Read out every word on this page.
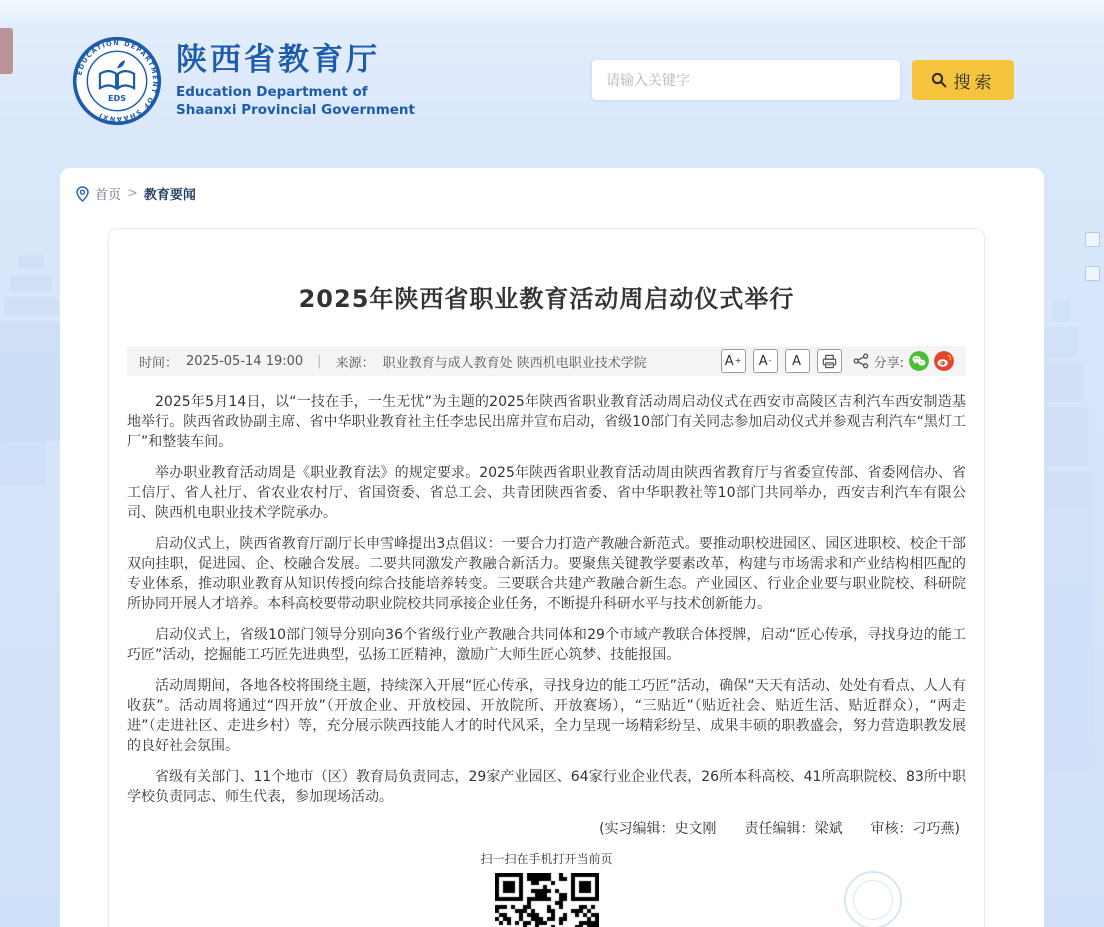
EDUCATION DEPARTMENT OF SHAANXI
EDS
陕西省教育厅
Education Department of
Shaanxi Provincial Government
请输入关键字
搜索
首页 > 教育要闻
2025年陕西省职业教育活动周启动仪式举行
时间： 2025-05-14 19:00 | 来源： 职业教育与成人教育处 陕西机电职业技术学院	A + A - A	分享:

2025年5月14日，以“一技在手，一生无忧”为主题的2025年陕西省职业教育活动周启动仪式在西安市高陵区吉利汽车西安制造基地举行。陕西省政协副主席、省中华职业教育社主任李忠民出席并宣布启动，省级10部门有关同志参加启动仪式并参观吉利汽车“黑灯工厂”和整装车间。

举办职业教育活动周是《职业教育法》的规定要求。2025年陕西省职业教育活动周由陕西省教育厅与省委宣传部、省委网信办、省工信厅、省人社厅、省农业农村厅、省国资委、省总工会、共青团陕西省委、省中华职教社等10部门共同举办，西安吉利汽车有限公司、陕西机电职业技术学院承办。

启动仪式上，陕西省教育厅副厅长申雪峰提出3点倡议：一要合力打造产教融合新范式。要推动职校进园区、园区进职校、校企干部双向挂职，促进园、企、校融合发展。二要共同激发产教融合新活力。要聚焦关键教学要素改革，构建与市场需求和产业结构相匹配的专业体系，推动职业教育从知识传授向综合技能培养转变。三要联合共建产教融合新生态。产业园区、行业企业要与职业院校、科研院所协同开展人才培养。本科高校要带动职业院校共同承接企业任务，不断提升科研水平与技术创新能力。

启动仪式上，省级10部门领导分别向36个省级行业产教融合共同体和29个市域产教联合体授牌，启动“匠心传承，寻找身边的能工巧匠”活动，挖掘能工巧匠先进典型，弘扬工匠精神，激励广大师生匠心筑梦、技能报国。

活动周期间，各地各校将围绕主题，持续深入开展“匠心传承，寻找身边的能工巧匠”活动，确保“天天有活动、处处有看点、人人有收获”。活动周将通过“四开放”（开放企业、开放校园、开放院所、开放赛场），“三贴近”（贴近社会、贴近生活、贴近群众），“两走进”（走进社区、走进乡村）等，充分展示陕西技能人才的时代风采，全力呈现一场精彩纷呈、成果丰硕的职教盛会，努力营造职教发展的良好社会氛围。

省级有关部门、11个地市（区）教育局负责同志，29家产业园区、64家行业企业代表，26所本科高校、41所高职院校、83所中职学校负责同志、师生代表，参加现场活动。

(实习编辑：史文刚　　责任编辑：梁斌　　审核：刁巧燕)
扫一扫在手机打开当前页
